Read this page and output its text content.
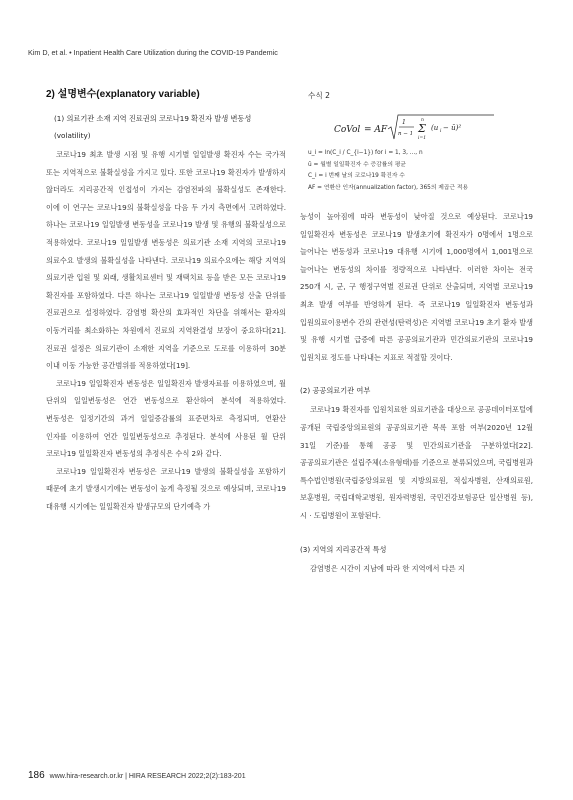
Kim D, et al. • Inpatient Health Care Utilization during the COVID-19 Pandemic
2) 설명변수(explanatory variable)
(1) 의료기관 소재 지역 진료권의 코로나19 확진자 발생 변동성(volatility)

코로나19 최초 발생 시점 및 유행 시기별 일일발생 확진자 수는 국가적 또는 지역적으로 불확실성을 가지고 있다. 또한 코로나19 확진자가 발생하지 않더라도 지리공간적 인접성이 가지는 감염전파의 불확실성도 존재한다. 이에 이 연구는 코로나19의 불확실성을 다음 두 가지 측면에서 고려하였다. 하나는 코로나19 일일발생 변동성을 코로나19 발생 및 유행의 불확실성으로 적용하였다. 코로나19 일일발생 변동성은 의료기관 소재 지역의 코로나19 의료수요 발생의 불확실성을 나타낸다. 코로나19 의료수요에는 해당 지역의 의료기관 입원 및 외래, 생활치료센터 및 재택치료 등을 받은 모든 코로나19 확진자를 포함하였다. 다른 하나는 코로나19 일일발생 변동성 산출 단위를 진료권으로 설정하였다. 감염병 확산의 효과적인 차단을 위해서는 환자의 이동거리를 최소화하는 차원에서 진료의 지역완결성 보장이 중요하다[21]. 진료권 설정은 의료기관이 소재한 지역을 기준으로 도로를 이용하여 30분 이내 이동 가능한 공간범위를 적용하였다[19].

코로나19 일일확진자 변동성은 일일확진자 발생자료를 이용하였으며, 월 단위의 일일변동성은 연간 변동성으로 환산하여 분석에 적용하였다. 변동성은 일정기간의 과거 일일증감률의 표준편차로 측정되며, 연환산 인자를 이용하여 연간 일일변동성으로 추정된다. 분석에 사용된 월 단위 코로나19 일일확진자 변동성의 추정식은 수식 2와 같다.

코로나19 일일확진자 변동성은 코로나19 발생의 불확실성을 포함하기 때문에 초기 발생시기에는 변동성이 높게 측정될 것으로 예상되며, 코로나19 대유행 시기에는 일일확진자 발생규모의 단기예측 가

수식 2
CoVol = AF
1
n − 1
n
Σ
i=1
(u i − ū)²
u_i = ln(C_i / C_{i−1}) for i = 1, 3, ..., n
ū = 월별 일일확진자 수 증감률의 평균
C_i = i 번째 날의 코로나19 확진자 수
AF = 연환산 인자(annualization factor), 365의 제곱근 적용

능성이 높아짐에 따라 변동성이 낮아질 것으로 예상된다. 코로나19 일일확진자 변동성은 코로나19 발생초기에 확진자가 0명에서 1명으로 늘어나는 변동성과 코로나19 대유행 시기에 1,000명에서 1,001명으로 늘어나는 변동성의 차이를 정량적으로 나타낸다. 이러한 차이는 전국 250개 시, 군, 구 행정구역별 진료권 단위로 산출되며, 지역별 코로나19 최초 발생 여부를 반영하게 된다. 즉 코로나19 일일확진자 변동성과 입원의료이용변수 간의 관련성(탄력성)은 지역별 코로나19 초기 환자 발생 및 유행 시기별 급증에 따른 공공의료기관과 민간의료기관의 코로나19 입원치료 정도를 나타내는 지표로 적절할 것이다.

(2) 공공의료기관 여부

코로나19 확진자를 입원치료한 의료기관을 대상으로 공공데이터포털에 공개된 국립중앙의료원의 공공의료기관 목록 포함 여부(2020년 12월 31일 기준)를 통해 공공 및 민간의료기관을 구분하였다[22]. 공공의료기관은 설립주체(소유형태)를 기준으로 분류되었으며, 국립병원과 특수법인병원(국립중앙의료원 및 지방의료원, 적십자병원, 산재의료원, 보훈병원, 국립대학교병원, 원자력병원, 국민건강보험공단 일산병원 등), 시 · 도립병원이 포함된다.

(3) 지역의 지리공간적 특성

감염병은 시간이 지남에 따라 한 지역에서 다른 지

186 www.hira-research.or.kr | HIRA RESEARCH 2022;2(2):183-201
